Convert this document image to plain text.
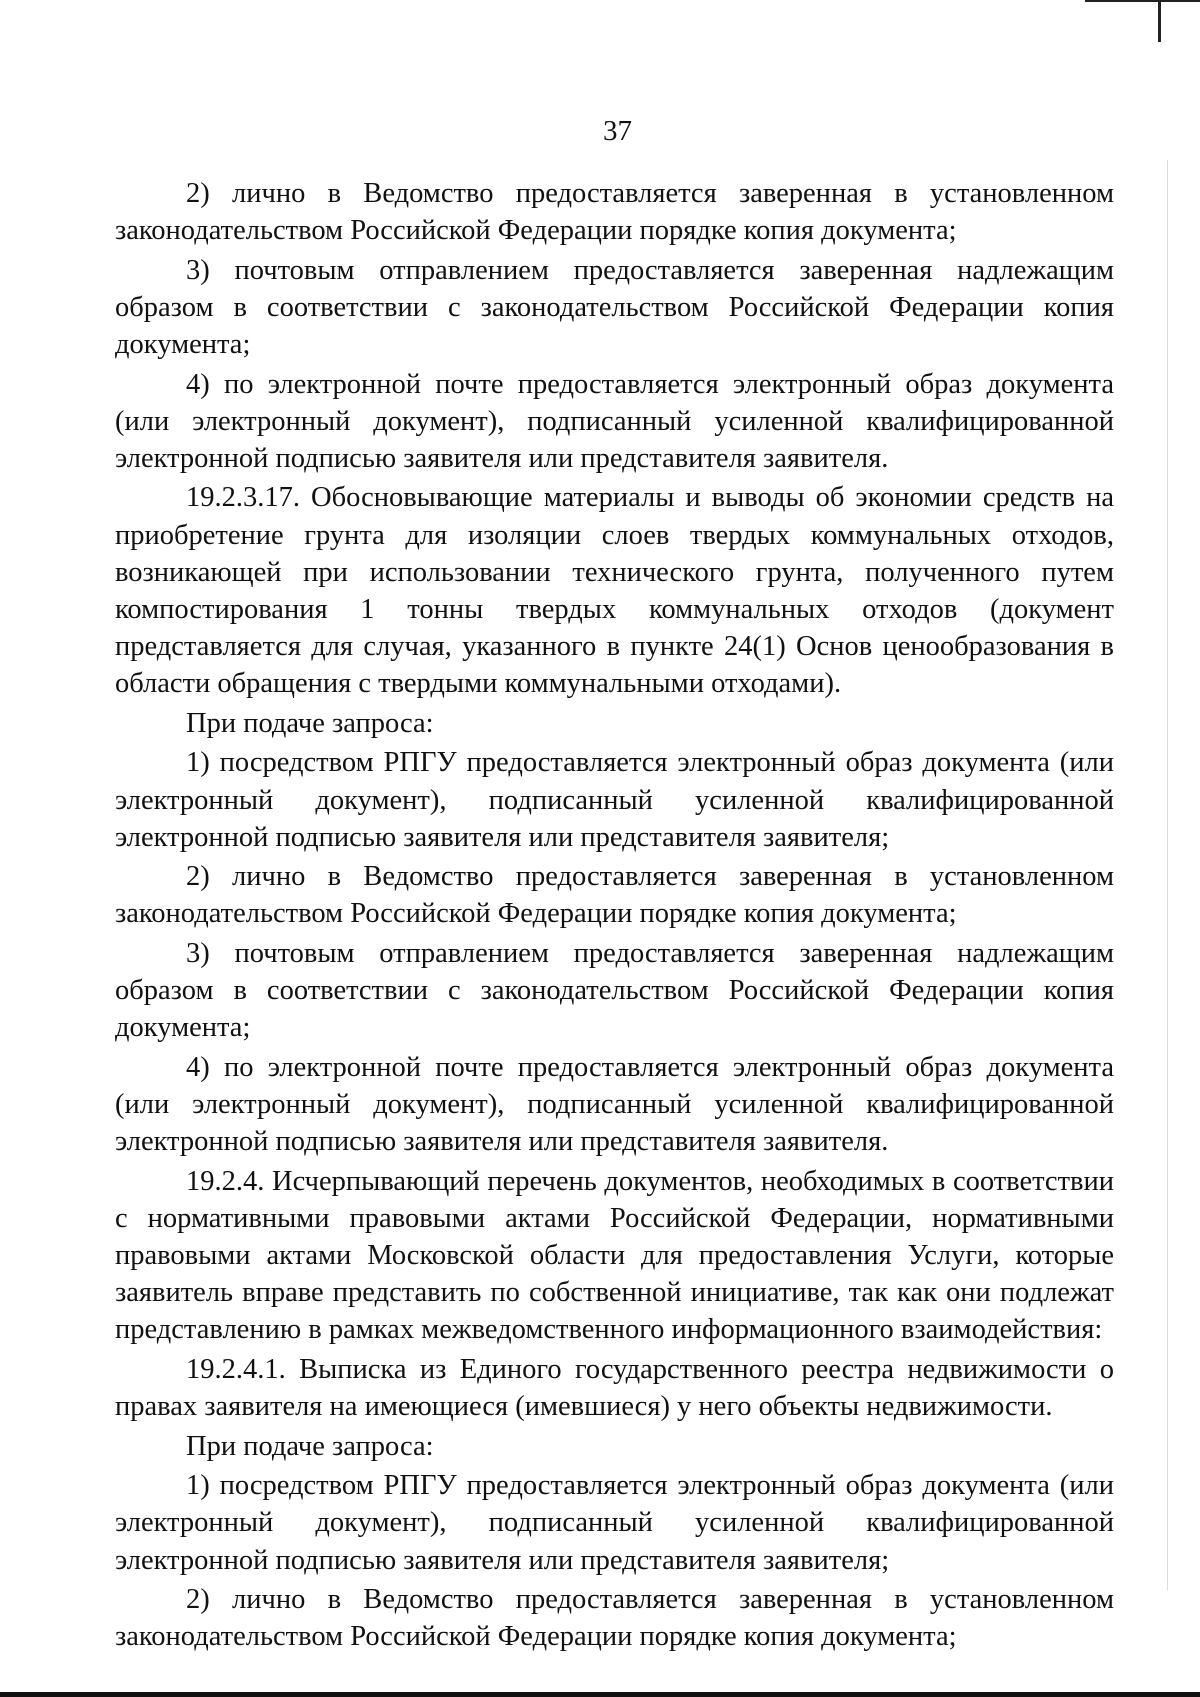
37

2) лично в Ведомство предоставляется заверенная в установленном законодательством Российской Федерации порядке копия документа;

3) почтовым отправлением предоставляется заверенная надлежащим образом в соответствии с законодательством Российской Федерации копия документа;

4) по электронной почте предоставляется электронный образ документа (или электронный документ), подписанный усиленной квалифицированной электронной подписью заявителя или представителя заявителя.

19.2.3.17. Обосновывающие материалы и выводы об экономии средств на приобретение грунта для изоляции слоев твердых коммунальных отходов, возникающей при использовании технического грунта, полученного путем компостирования 1 тонны твердых коммунальных отходов (документ представляется для случая, указанного в пункте 24(1) Основ ценообразования в области обращения с твердыми коммунальными отходами).

При подаче запроса:

1) посредством РПГУ предоставляется электронный образ документа (или электронный документ), подписанный усиленной квалифицированной электронной подписью заявителя или представителя заявителя;

2) лично в Ведомство предоставляется заверенная в установленном законодательством Российской Федерации порядке копия документа;

3) почтовым отправлением предоставляется заверенная надлежащим образом в соответствии с законодательством Российской Федерации копия документа;

4) по электронной почте предоставляется электронный образ документа (или электронный документ), подписанный усиленной квалифицированной электронной подписью заявителя или представителя заявителя.

19.2.4. Исчерпывающий перечень документов, необходимых в соответствии с нормативными правовыми актами Российской Федерации, нормативными правовыми актами Московской области для предоставления Услуги, которые заявитель вправе представить по собственной инициативе, так как они подлежат представлению в рамках межведомственного информационного взаимодействия:

19.2.4.1. Выписка из Единого государственного реестра недвижимости о правах заявителя на имеющиеся (имевшиеся) у него объекты недвижимости.

При подаче запроса:

1) посредством РПГУ предоставляется электронный образ документа (или электронный документ), подписанный усиленной квалифицированной электронной подписью заявителя или представителя заявителя;

2) лично в Ведомство предоставляется заверенная в установленном законодательством Российской Федерации порядке копия документа;
